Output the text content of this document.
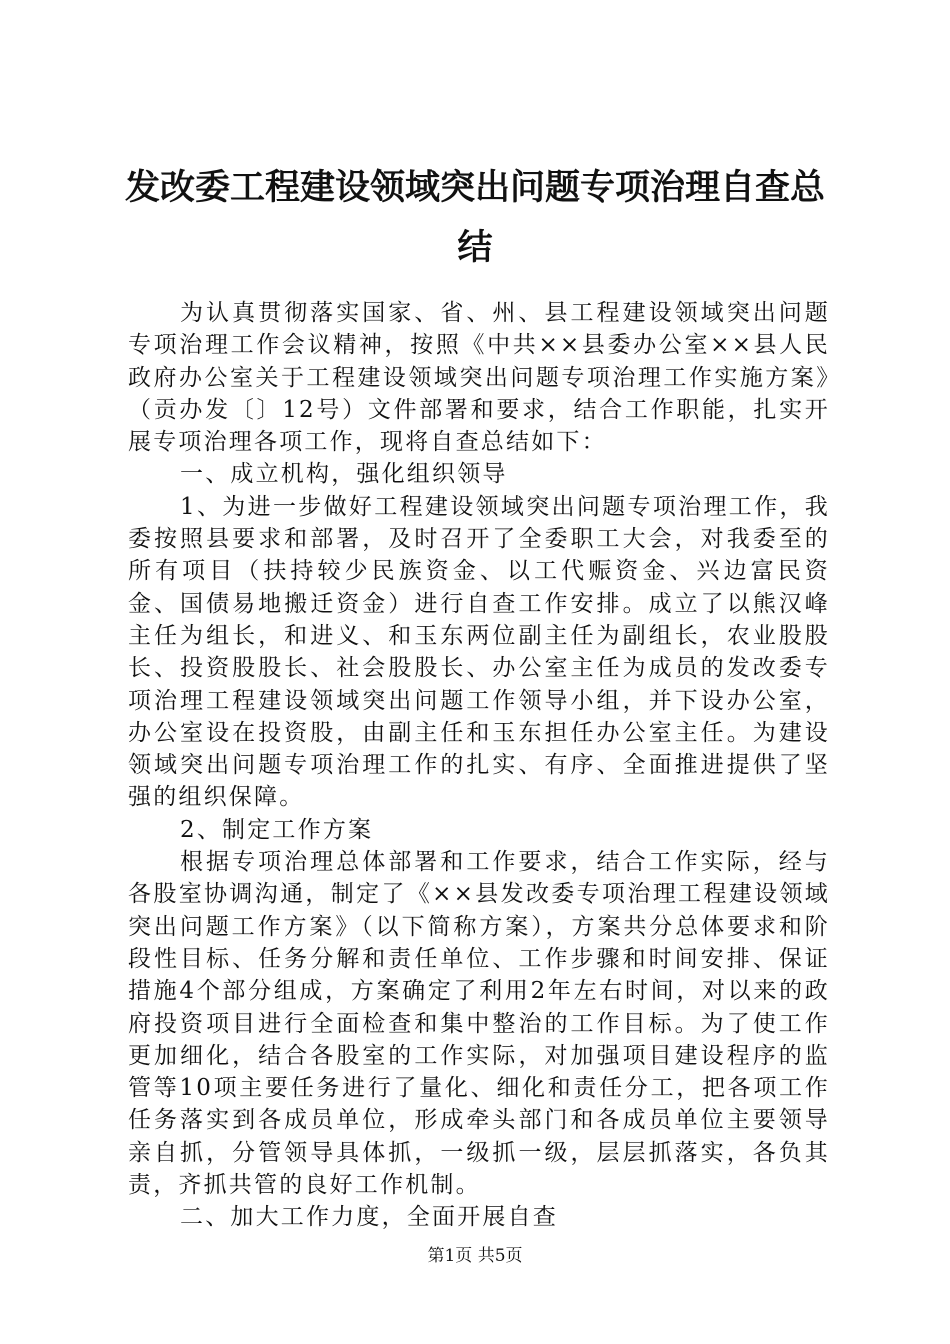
发改委工程建设领域突出问题专项治理自查总结

为认真贯彻落实国家、省、州、县工程建设领域突出问题专项治理工作会议精神，按照《中共××县委办公室××县人民政府办公室关于工程建设领域突出问题专项治理工作实施方案》（贡办发〔〕12号）文件部署和要求，结合工作职能，扎实开展专项治理各项工作，现将自查总结如下：

一、成立机构，强化组织领导

1、为进一步做好工程建设领域突出问题专项治理工作，我委按照县要求和部署，及时召开了全委职工大会，对我委至的所有项目（扶持较少民族资金、以工代赈资金、兴边富民资金、国债易地搬迁资金）进行自查工作安排。成立了以熊汉峰主任为组长，和进义、和玉东两位副主任为副组长，农业股股长、投资股股长、社会股股长、办公室主任为成员的发改委专项治理工程建设领域突出问题工作领导小组，并下设办公室，办公室设在投资股，由副主任和玉东担任办公室主任。为建设领域突出问题专项治理工作的扎实、有序、全面推进提供了坚强的组织保障。

2、制定工作方案

根据专项治理总体部署和工作要求，结合工作实际，经与各股室协调沟通，制定了《××县发改委专项治理工程建设领域突出问题工作方案》（以下简称方案），方案共分总体要求和阶段性目标、任务分解和责任单位、工作步骤和时间安排、保证措施4个部分组成，方案确定了利用2年左右时间，对以来的政府投资项目进行全面检查和集中整治的工作目标。为了使工作更加细化，结合各股室的工作实际，对加强项目建设程序的监管等10项主要任务进行了量化、细化和责任分工，把各项工作任务落实到各成员单位，形成牵头部门和各成员单位主要领导亲自抓，分管领导具体抓，一级抓一级，层层抓落实，各负其责，齐抓共管的良好工作机制。

二、加大工作力度，全面开展自查

第1页 共5页
